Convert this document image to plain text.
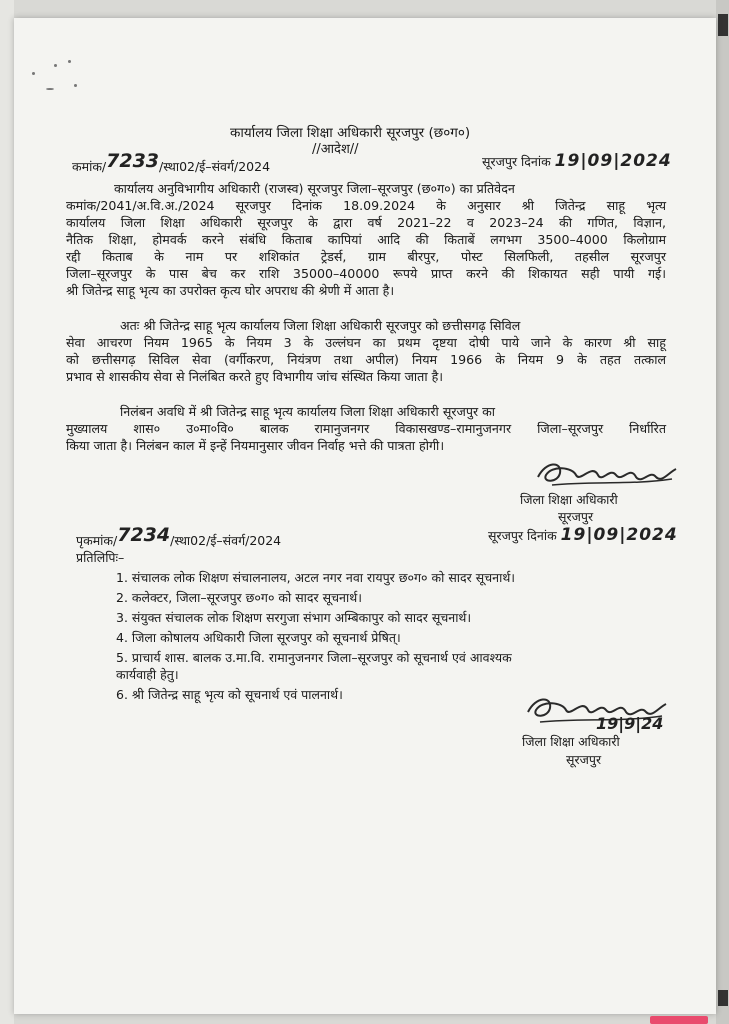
कार्यालय जिला शिक्षा अधिकारी सूरजपुर (छ०ग०)
//आदेश//
कमांक/7233/स्था02/ई–संवर्ग/2024	सूरजपुर दिनांक 19|09|2024
कार्यालय अनुविभागीय अधिकारी (राजस्व) सूरजपुर जिला–सूरजपुर (छ०ग०) का प्रतिवेदन
कमांक/2041/अ.वि.अ./2024 सूरजपुर दिनांक 18.09.2024 के अनुसार श्री जितेन्द्र साहू भृत्य
कार्यालय जिला शिक्षा अधिकारी सूरजपुर के द्वारा वर्ष 2021–22 व 2023–24 की गणित, विज्ञान,
नैतिक शिक्षा, होमवर्क करने संबंधि किताब कापियां आदि की किताबें लगभग 3500–4000 किलोग्राम
रद्दी किताब के नाम पर शशिकांत ट्रेडर्स, ग्राम बीरपुर, पोस्ट सिलफिली, तहसील सूरजपुर
जिला–सूरजपुर के पास बेच कर राशि 35000–40000 रूपये प्राप्त करने की शिकायत सही पायी गई।
श्री जितेन्द्र साहू भृत्य का उपरोक्त कृत्य घोर अपराध की श्रेणी में आता है।
अतः श्री जितेन्द्र साहू भृत्य कार्यालय जिला शिक्षा अधिकारी सूरजपुर को छत्तीसगढ़ सिविल
सेवा आचरण नियम 1965 के नियम 3 के उल्लंघन का प्रथम दृष्टया दोषी पाये जाने के कारण श्री साहू
को छत्तीसगढ़ सिविल सेवा (वर्गीकरण, नियंत्रण तथा अपील) नियम 1966 के नियम 9 के तहत तत्काल
प्रभाव से शासकीय सेवा से निलंबित करते हुए विभागीय जांच संस्थित किया जाता है।
निलंबन अवधि में श्री जितेन्द्र साहू भृत्य कार्यालय जिला शिक्षा अधिकारी सूरजपुर का
मुख्यालय शास० उ०मा०वि० बालक रामानुजनगर विकासखण्ड–रामानुजनगर जिला–सूरजपुर निर्धारित
किया जाता है। निलंबन काल में इन्हें नियमानुसार जीवन निर्वाह भत्ते की पात्रता होगी।
जिला शिक्षा अधिकारी
सूरजपुर
पृकमांक/7234/स्था02/ई–संवर्ग/2024	सूरजपुर दिनांक 19|09|2024
प्रतिलिपिः–
1. संचालक लोक शिक्षण संचालनालय, अटल नगर नवा रायपुर छ०ग० को सादर सूचनार्थ।
2. कलेक्टर, जिला–सूरजपुर छ०ग० को सादर सूचनार्थ।
3. संयुक्त संचालक लोक शिक्षण सरगुजा संभाग अम्बिकापुर को सादर सूचनार्थ।
4. जिला कोषालय अधिकारी जिला सूरजपुर को सूचनार्थ प्रेषित्।
5. प्राचार्य शास. बालक उ.मा.वि. रामानुजनगर जिला–सूरजपुर को सूचनार्थ एवं आवश्यक
कार्यवाही हेतु।
6. श्री जितेन्द्र साहू भृत्य को सूचनार्थ एवं पालनार्थ।
19|9|24
जिला शिक्षा अधिकारी
सूरजपुर
